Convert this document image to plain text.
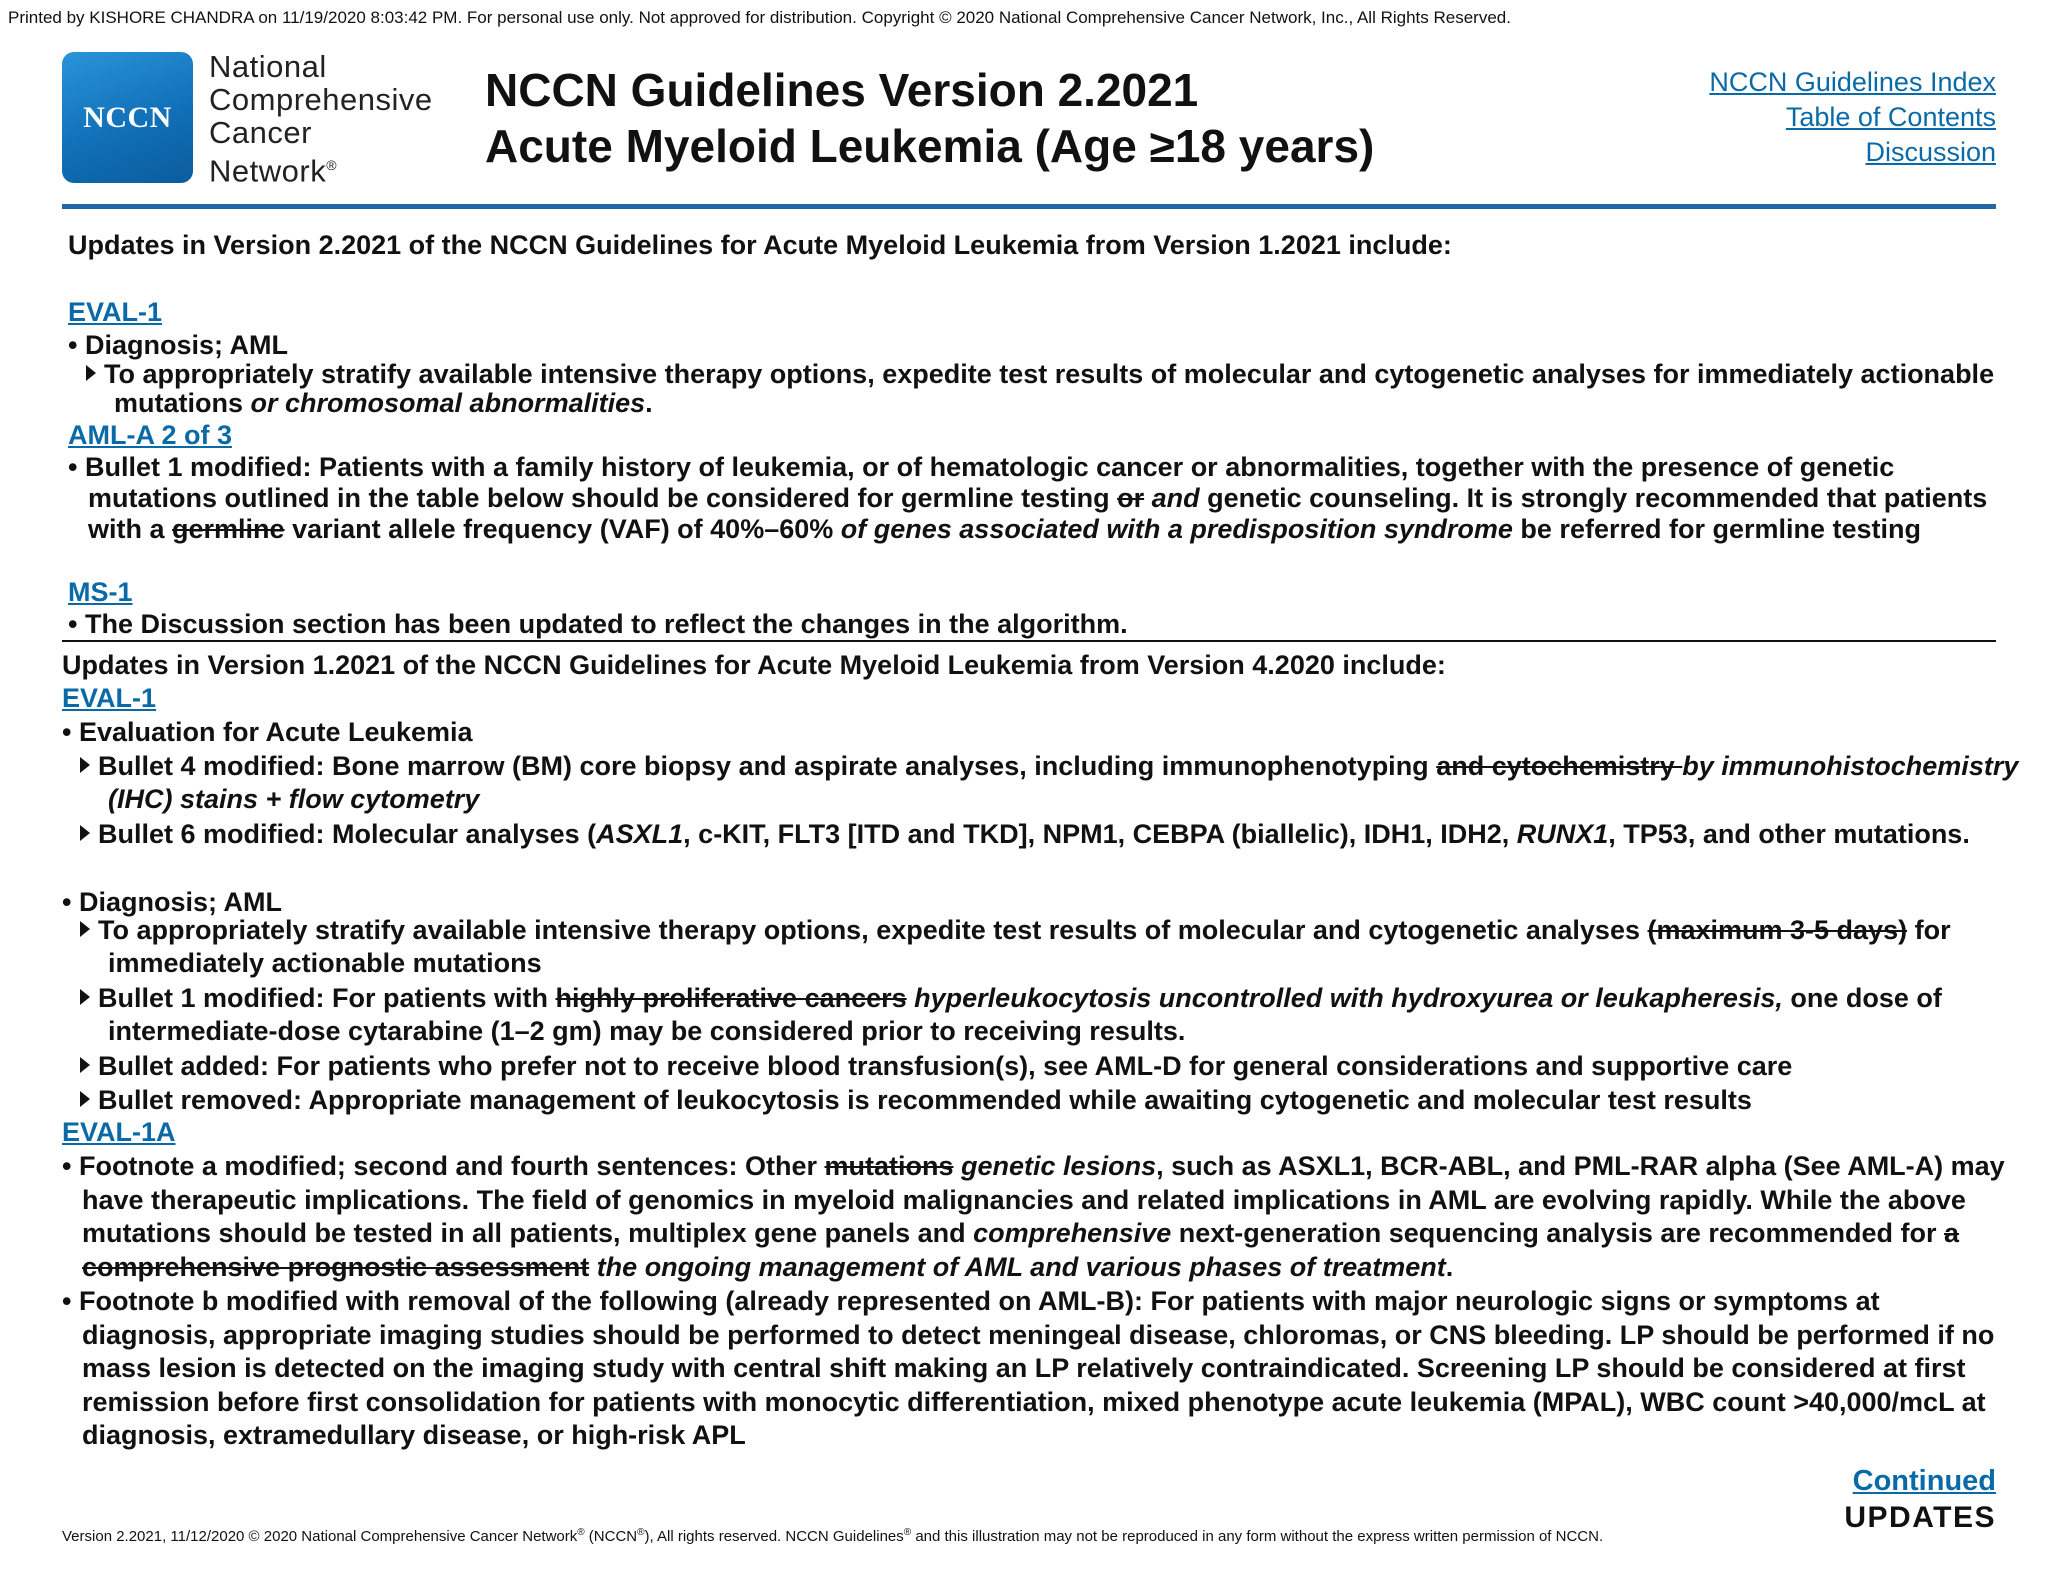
Printed by KISHORE CHANDRA on 11/19/2020 8:03:42 PM. For personal use only. Not approved for distribution. Copyright © 2020 National Comprehensive Cancer Network, Inc., All Rights Reserved.
NCCN
National
Comprehensive
Cancer
Network®
NCCN Guidelines Version 2.2021
Acute Myeloid Leukemia (Age ≥18 years)
NCCN Guidelines Index
Table of Contents
Discussion
Updates in Version 2.2021 of the NCCN Guidelines for Acute Myeloid Leukemia from Version 1.2021 include:
EVAL-1
• Diagnosis; AML
To appropriately stratify available intensive therapy options, expedite test results of molecular and cytogenetic analyses for immediately actionable mutations or chromosomal abnormalities.
AML-A 2 of 3
• Bullet 1 modified: Patients with a family history of leukemia, or of hematologic cancer or abnormalities, together with the presence of genetic mutations outlined in the table below should be considered for germline testing or and genetic counseling. It is strongly recommended that patients with a germline variant allele frequency (VAF) of 40%–60% of genes associated with a predisposition syndrome be referred for germline testing
MS-1
• The Discussion section has been updated to reflect the changes in the algorithm.
Updates in Version 1.2021 of the NCCN Guidelines for Acute Myeloid Leukemia from Version 4.2020 include:
EVAL-1
• Evaluation for Acute Leukemia
Bullet 4 modified: Bone marrow (BM) core biopsy and aspirate analyses, including immunophenotyping and cytochemistry by immunohistochemistry (IHC) stains + flow cytometry
Bullet 6 modified: Molecular analyses (ASXL1, c-KIT, FLT3 [ITD and TKD], NPM1, CEBPA (biallelic), IDH1, IDH2, RUNX1, TP53, and other mutations.
• Diagnosis; AML
To appropriately stratify available intensive therapy options, expedite test results of molecular and cytogenetic analyses (maximum 3-5 days) for immediately actionable mutations
Bullet 1 modified: For patients with highly proliferative cancers hyperleukocytosis uncontrolled with hydroxyurea or leukapheresis, one dose of intermediate-dose cytarabine (1–2 gm) may be considered prior to receiving results.
Bullet added: For patients who prefer not to receive blood transfusion(s), see AML-D for general considerations and supportive care
Bullet removed: Appropriate management of leukocytosis is recommended while awaiting cytogenetic and molecular test results
EVAL-1A
• Footnote a modified; second and fourth sentences: Other mutations genetic lesions, such as ASXL1, BCR-ABL, and PML-RAR alpha (See AML-A) may have therapeutic implications. The field of genomics in myeloid malignancies and related implications in AML are evolving rapidly. While the above mutations should be tested in all patients, multiplex gene panels and comprehensive next-generation sequencing analysis are recommended for a comprehensive prognostic assessment the ongoing management of AML and various phases of treatment.
• Footnote b modified with removal of the following (already represented on AML-B): For patients with major neurologic signs or symptoms at diagnosis, appropriate imaging studies should be performed to detect meningeal disease, chloromas, or CNS bleeding. LP should be performed if no mass lesion is detected on the imaging study with central shift making an LP relatively contraindicated. Screening LP should be considered at first remission before first consolidation for patients with monocytic differentiation, mixed phenotype acute leukemia (MPAL), WBC count >40,000/mcL at diagnosis, extramedullary disease, or high-risk APL
Continued
UPDATES
Version 2.2021, 11/12/2020 © 2020 National Comprehensive Cancer Network® (NCCN®), All rights reserved. NCCN Guidelines® and this illustration may not be reproduced in any form without the express written permission of NCCN.
